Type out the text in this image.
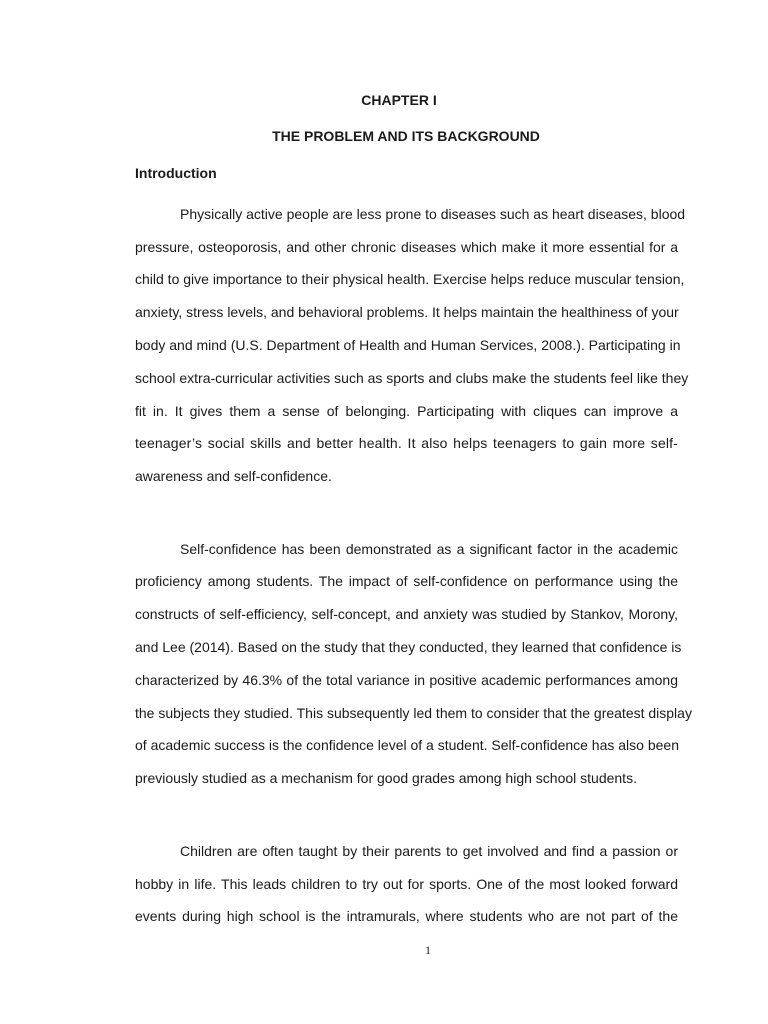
CHAPTER I
THE PROBLEM AND ITS BACKGROUND
Introduction
Physically active people are less prone to diseases such as heart diseases, blood
pressure, osteoporosis, and other chronic diseases which make it more essential for a
child to give importance to their physical health. Exercise helps reduce muscular tension,
anxiety, stress levels, and behavioral problems. It helps maintain the healthiness of your
body and mind (U.S. Department of Health and Human Services, 2008.). Participating in
school extra-curricular activities such as sports and clubs make the students feel like they
fit in. It gives them a sense of belonging. Participating with cliques can improve a
teenager’s social skills and better health. It also helps teenagers to gain more self-
awareness and self-confidence.
Self-confidence has been demonstrated as a significant factor in the academic
proficiency among students. The impact of self-confidence on performance using the
constructs of self-efficiency, self-concept, and anxiety was studied by Stankov, Morony,
and Lee (2014). Based on the study that they conducted, they learned that confidence is
characterized by 46.3% of the total variance in positive academic performances among
the subjects they studied. This subsequently led them to consider that the greatest display
of academic success is the confidence level of a student. Self-confidence has also been
previously studied as a mechanism for good grades among high school students.
Children are often taught by their parents to get involved and find a passion or
hobby in life. This leads children to try out for sports. One of the most looked forward
events during high school is the intramurals, where students who are not part of the
1
